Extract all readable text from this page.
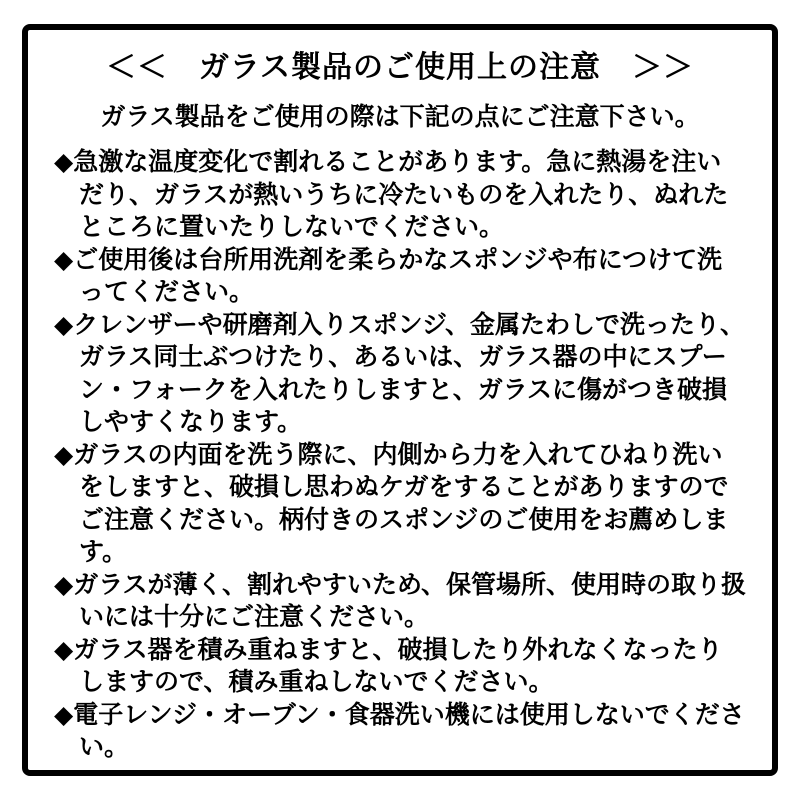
＜＜　ガラス製品のご使用上の注意　＞＞
ガラス製品をご使用の際は下記の点にご注意下さい。
◆急激な温度変化で割れることがあります。急に熱湯を注いだり、ガラスが熱いうちに冷たいものを入れたり、ぬれたところに置いたりしないでください。
◆ご使用後は台所用洗剤を柔らかなスポンジや布につけて洗ってください。
◆クレンザーや研磨剤入りスポンジ、金属たわしで洗ったり、ガラス同士ぶつけたり、あるいは、ガラス器の中にスプーン・フォークを入れたりしますと、ガラスに傷がつき破損しやすくなります。
◆ガラスの内面を洗う際に、内側から力を入れてひねり洗いをしますと、破損し思わぬケガをすることがありますのでご注意ください。柄付きのスポンジのご使用をお薦めします。
◆ガラスが薄く、割れやすいため、保管場所、使用時の取り扱いには十分にご注意ください。
◆ガラス器を積み重ねますと、破損したり外れなくなったりしますので、積み重ねしないでください。
◆電子レンジ・オーブン・食器洗い機には使用しないでください。
